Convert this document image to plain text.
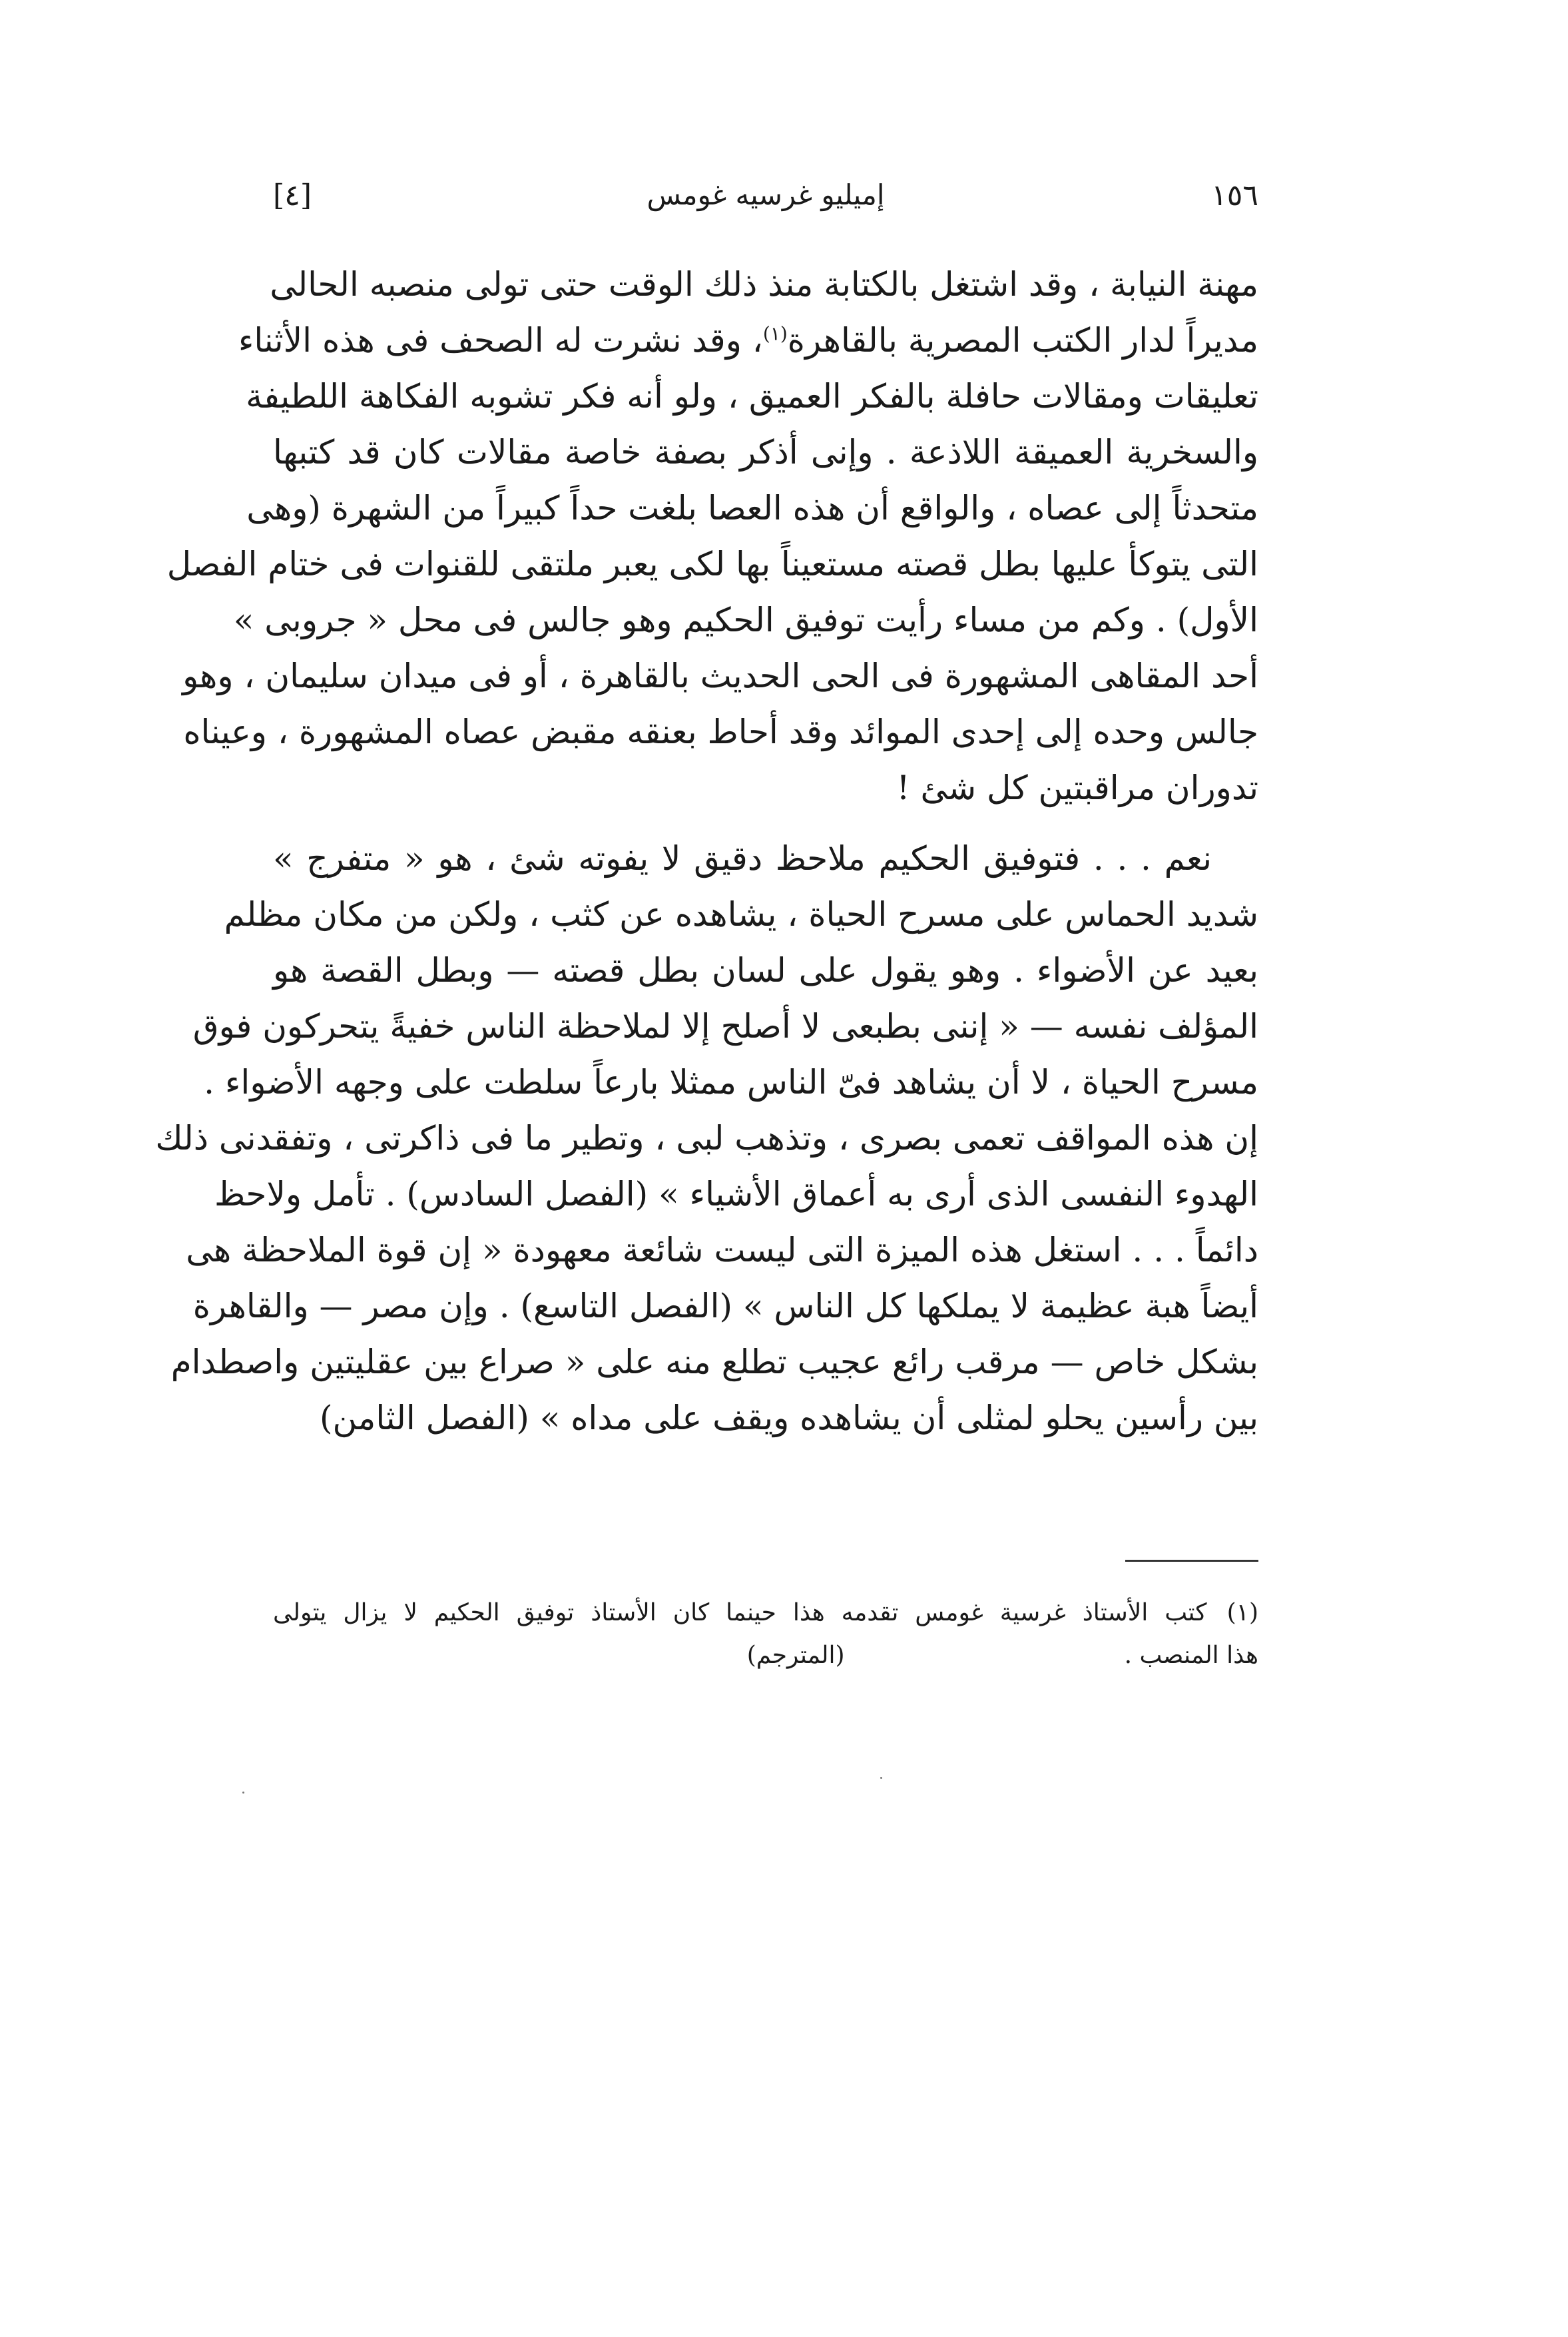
١٥٦
إميليو غرسيه غومس
[٤]
مهنة النيابة ، وقد اشتغل بالكتابة منذ ذلك الوقت حتى تولى منصبه الحالى
مديراً لدار الكتب المصرية بالقاهرة$^{(١)}$، وقد نشرت له الصحف فى هذه الأثناء
تعليقات ومقالات حافلة بالفكر العميق ، ولو أنه فكر تشوبه الفكاهة اللطيفة
والسخرية العميقة اللاذعة . وإنى أذكر بصفة خاصة مقالات كان قد كتبها
متحدثاً إلى عصاه ، والواقع أن هذه العصا بلغت حداً كبيراً من الشهرة (وهى
التى يتوكأ عليها بطل قصته مستعيناً بها لكى يعبر ملتقى للقنوات فى ختام الفصل
الأول) . وكم من مساء رأيت توفيق الحكيم وهو جالس فى محل « جروبى »
أحد المقاهى المشهورة فى الحى الحديث بالقاهرة ، أو فى ميدان سليمان ، وهو
جالس وحده إلى إحدى الموائد وقد أحاط بعنقه مقبض عصاه المشهورة ، وعيناه
تدوران مراقبتين كل شئ !
نعم . . . فتوفيق الحكيم ملاحظ دقيق لا يفوته شئ ، هو « متفرج »
شديد الحماس على مسرح الحياة ، يشاهده عن كثب ، ولكن من مكان مظلم
بعيد عن الأضواء . وهو يقول على لسان بطل قصته — وبطل القصة هو
المؤلف نفسه — « إننى بطبعى لا أصلح إلا لملاحظة الناس خفيةً يتحركون فوق
مسرح الحياة ، لا أن يشاهد فىّ الناس ممثلا بارعاً سلطت على وجهه الأضواء .
إن هذه المواقف تعمى بصرى ، وتذهب لبى ، وتطير ما فى ذاكرتى ، وتفقدنى ذلك
الهدوء النفسى الذى أرى به أعماق الأشياء » (الفصل السادس) . تأمل ولاحظ
دائماً . . . استغل هذه الميزة التى ليست شائعة معهودة « إن قوة الملاحظة هى
أيضاً هبة عظيمة لا يملكها كل الناس » (الفصل التاسع) . وإن مصر — والقاهرة
بشكل خاص — مرقب رائع عجيب تطلع منه على « صراع بين عقليتين واصطدام
بين رأسين يحلو لمثلى أن يشاهده ويقف على مداه » (الفصل الثامن)
(١)كتب الأستاذ غرسية غومس تقدمه هذا حينما كان الأستاذ توفيق الحكيم لا يزال يتولى
هذا المنصب .(المترجم)
